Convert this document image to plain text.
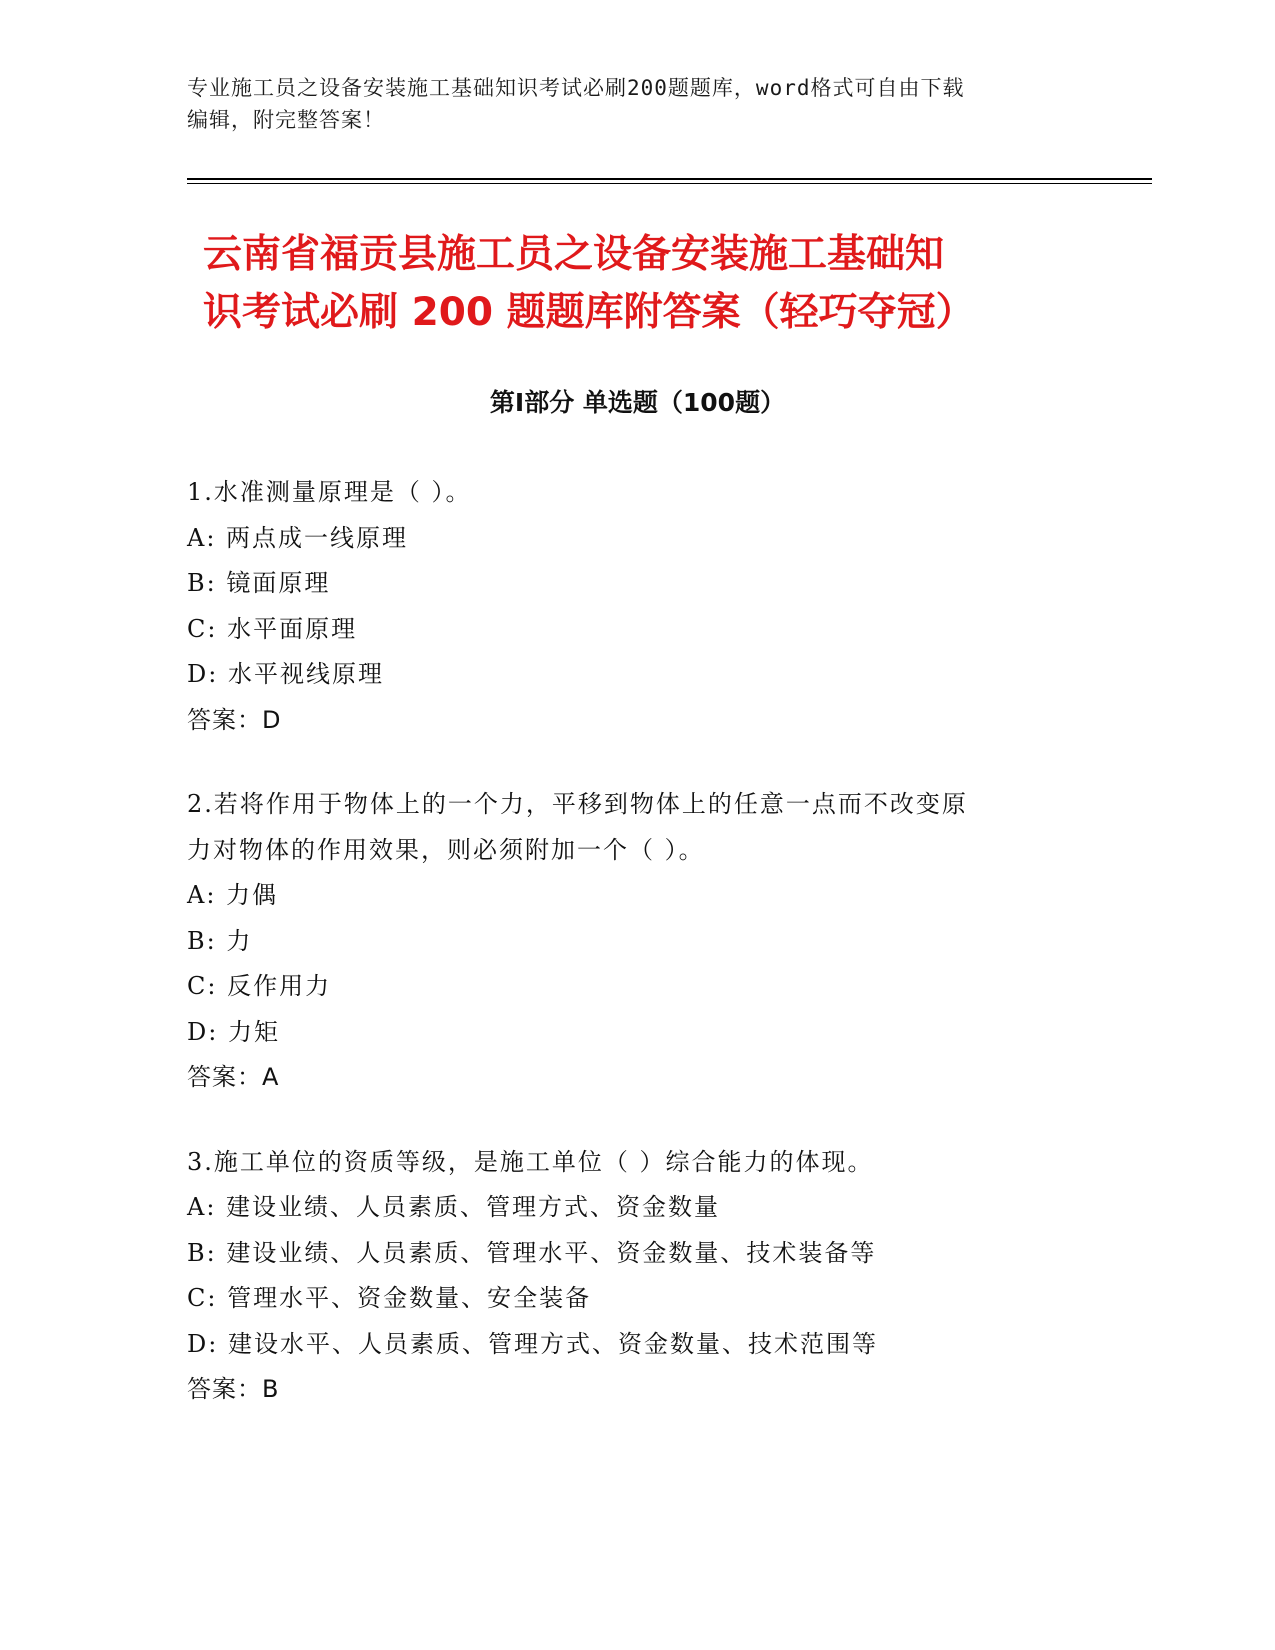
专业施工员之设备安装施工基础知识考试必刷200题题库，word格式可自由下载
编辑，附完整答案！
云南省福贡县施工员之设备安装施工基础知
识考试必刷 200 题题库附答案（轻巧夺冠）
第Ⅰ部分 单选题（100题）
1.水准测量原理是（ ）。
A: 两点成一线原理
B: 镜面原理
C: 水平面原理
D: 水平视线原理
答案：D
2.若将作用于物体上的一个力，平移到物体上的任意一点而不改变原
力对物体的作用效果，则必须附加一个（ ）。
A: 力偶
B: 力
C: 反作用力
D: 力矩
答案：A
3.施工单位的资质等级，是施工单位（ ）综合能力的体现。
A: 建设业绩、人员素质、管理方式、资金数量
B: 建设业绩、人员素质、管理水平、资金数量、技术装备等
C: 管理水平、资金数量、安全装备
D: 建设水平、人员素质、管理方式、资金数量、技术范围等
答案：B
